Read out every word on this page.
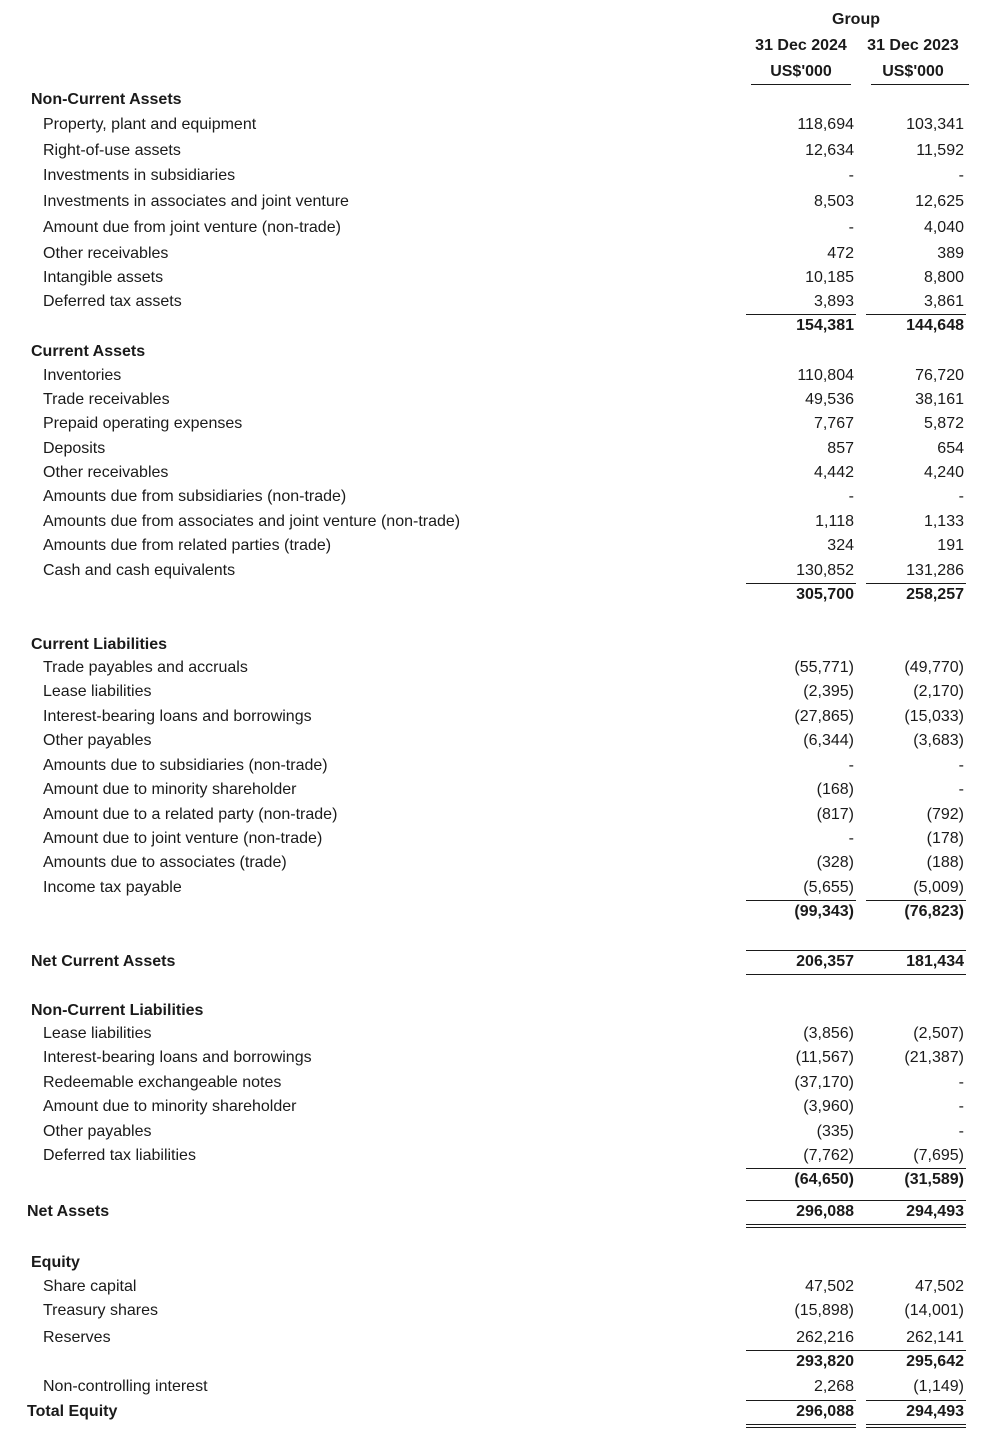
Group
31 Dec 2024	31 Dec 2023
US$'000	US$'000
Non-Current Assets
Property, plant and equipment	118,694	103,341
Right-of-use assets	12,634	11,592
Investments in subsidiaries	-	-
Investments in associates and joint venture	8,503	12,625
Amount due from joint venture (non-trade)	-	4,040
Other receivables	472	389
Intangible assets	10,185	8,800
Deferred tax assets	3,893	3,861
154,381	144,648
Current Assets
Inventories	110,804	76,720
Trade receivables	49,536	38,161
Prepaid operating expenses	7,767	5,872
Deposits	857	654
Other receivables	4,442	4,240
Amounts due from subsidiaries (non-trade)	-	-
Amounts due from associates and joint venture (non-trade)	1,118	1,133
Amounts due from related parties (trade)	324	191
Cash and cash equivalents	130,852	131,286
305,700	258,257
Current Liabilities
Trade payables and accruals	(55,771)	(49,770)
Lease liabilities	(2,395)	(2,170)
Interest-bearing loans and borrowings	(27,865)	(15,033)
Other payables	(6,344)	(3,683)
Amounts due to subsidiaries (non-trade)	-	-
Amount due to minority shareholder	(168)	-
Amount due to a related party (non-trade)	(817)	(792)
Amount due to joint venture (non-trade)	-	(178)
Amounts due to associates (trade)	(328)	(188)
Income tax payable	(5,655)	(5,009)
(99,343)	(76,823)
Net Current Assets	206,357	181,434
Non-Current Liabilities
Lease liabilities	(3,856)	(2,507)
Interest-bearing loans and borrowings	(11,567)	(21,387)
Redeemable exchangeable notes	(37,170)	-
Amount due to minority shareholder	(3,960)	-
Other payables	(335)	-
Deferred tax liabilities	(7,762)	(7,695)
(64,650)	(31,589)
Net Assets	296,088	294,493
Equity
Share capital	47,502	47,502
Treasury shares	(15,898)	(14,001)
Reserves	262,216	262,141
293,820	295,642
Non-controlling interest	2,268	(1,149)
Total Equity	296,088	294,493
